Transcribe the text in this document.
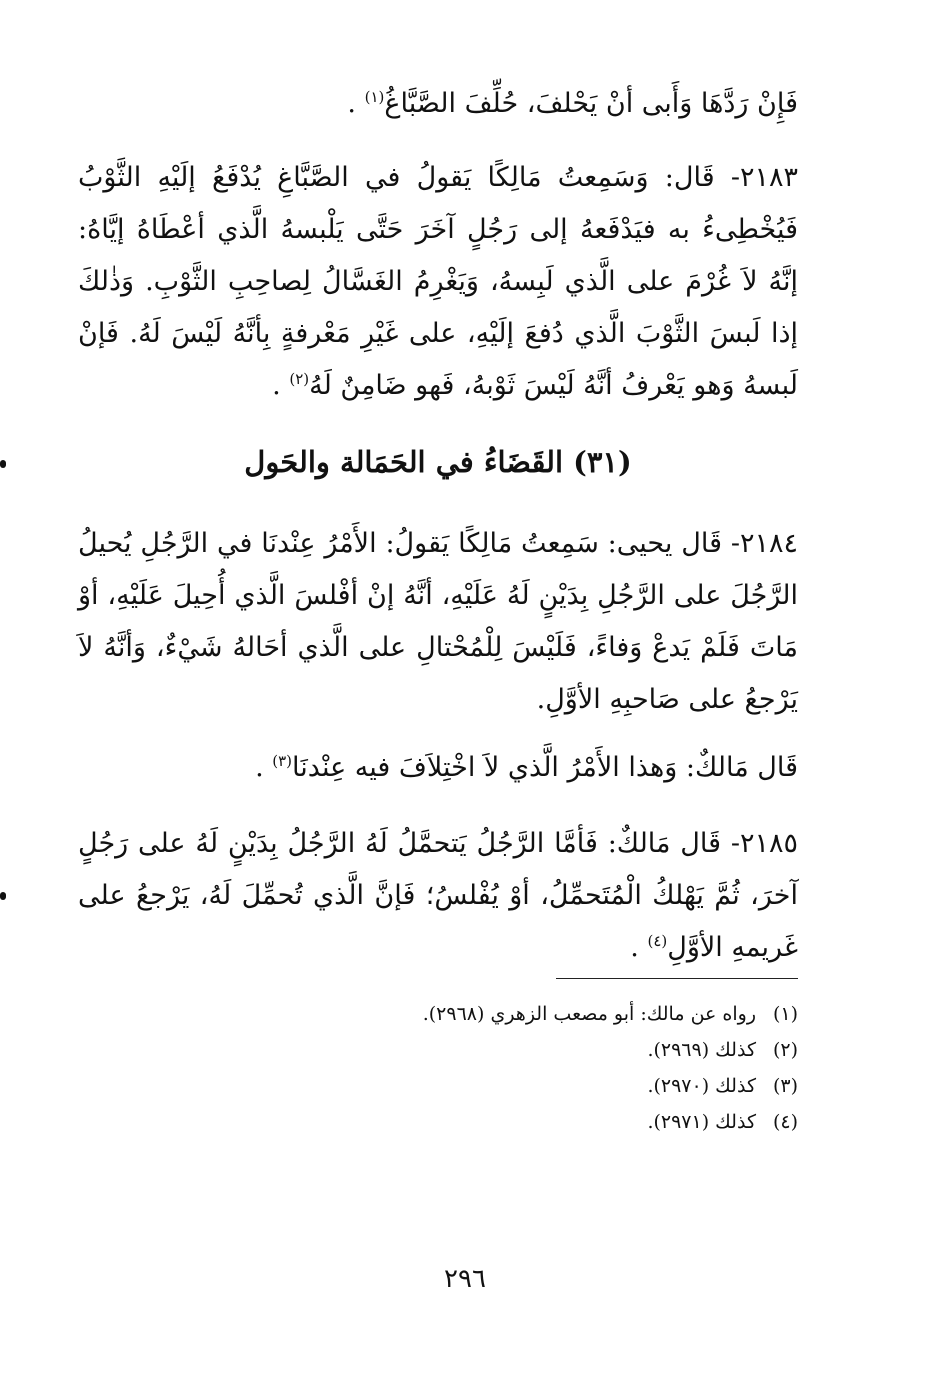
فَإِنْ رَدَّهَا وَأَبى أنْ يَحْلفَ، حُلِّفَ الصَّبَّاغُ$^{(١)}$ .
٢١٨٣- قَال: وَسَمِعتُ مَالِكًا يَقولُ في الصَّبَّاغِ يُدْفَعُ إلَيْهِ الثَّوْبُ فَيُخْطِىءُ به فيَدْفَعهُ إلى رَجُلٍ آخَرَ حَتَّى يَلْبسهُ الَّذي أعْطَاهُ إيَّاهُ: إنَّهُ لاَ غُرْمَ على الَّذي لَبِسهُ، وَيَغْرِمُ الغَسَّالُ لِصاحِبِ الثَّوْبِ. وَذٰلكَ إذا لَبسَ الثَّوْبَ الَّذي دُفعَ إلَيْهِ، على غَيْرِ مَعْرفةٍ بِأنَّهُ لَيْسَ لَهُ. فَإنْ لَبسهُ وَهو يَعْرفُ أنَّهُ لَيْسَ ثَوْبهُ، فَهو ضَامِنٌ لَهُ$^{(٢)}$ .
(٣١) القَضَاءُ في الحَمَالة والحَول
٢١٨٤- قَال يحيى: سَمِعتُ مَالِكًا يَقولُ: الأَمْرُ عِنْدنَا في الرَّجُلِ يُحيلُ الرَّجُلَ على الرَّجُلِ بِدَيْنٍ لَهُ عَلَيْهِ، أنَّهُ إنْ أفْلسَ الَّذي أُحِيلَ عَلَيْهِ، أوْ مَاتَ فَلَمْ يَدعْ وَفاءً، فَلَيْسَ لِلْمُحْتالِ على الَّذي أحَالهُ شَيْءٌ، وَأنَّهُ لاَ يَرْجعُ على صَاحبِهِ الأوَّلِ.
قَال مَالكٌ: وَهذا الأَمْرُ الَّذي لاَ اخْتِلاَفَ فيه عِنْدنَا$^{(٣)}$ .
٢١٨٥- قَال مَالكٌ: فَأمَّا الرَّجُلُ يَتحمَّلُ لَهُ الرَّجُلُ بِدَيْنٍ لَهُ على رَجُلٍ آخرَ، ثُمَّ يَهْلكُ الْمُتَحمِّلُ، أوْ يُفْلسُ؛ فَإنَّ الَّذي تُحمِّلَ لَهُ، يَرْجعُ على غَريمهِ الأوَّلِ$^{(٤)}$ .
(١)رواه عن مالك: أبو مصعب الزهري (٢٩٦٨).
(٢)كذلك (٢٩٦٩).
(٣)كذلك (٢٩٧٠).
(٤)كذلك (٢٩٧١).
٢٩٦
